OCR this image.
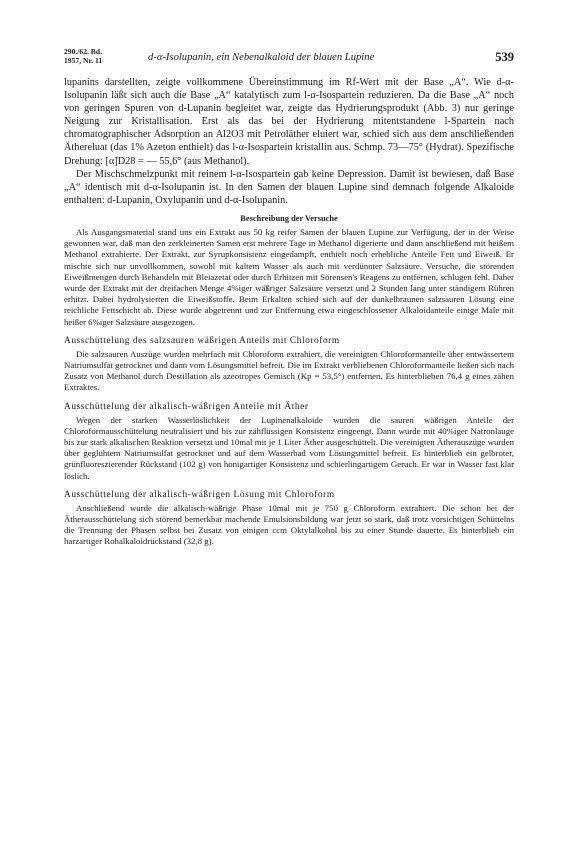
290./62. Bd.
1957, Nr. 11	d-α-Isolupanin, ein Nebenalkaloid der blauen Lupine	539

lupanins darstellten, zeigte vollkommene Übereinstimmung im Rf-Wert mit der Base „A“. Wie d-α-Isolupanin läßt sich auch die Base „A“ katalytisch zum l-α-Isospartein reduzieren. Da die Base „A“ noch von geringen Spuren von d-Lupanin begleitet war, zeigte das Hydrierungsprodukt (Abb. 3) nur geringe Neigung zur Kristallisation. Erst als das bei der Hydrierung mitentstandene l-Spartein nach chromatographischer Adsorption an Al2O3 mit Petroläther eluiert war, schied sich aus dem anschließenden Äthereluat (das 1% Azeton enthielt) das l-α-Isospartein kristallin aus. Schmp. 73—75° (Hydrat). Spezifische Drehung: [α]D28 = — 55,6° (aus Methanol).

Der Mischschmelzpunkt mit reinem l-α-Isospartein gab keine Depression. Damit ist bewiesen, daß Base „A“ identisch mit d-α-Isolupanin ist. In den Samen der blauen Lupine sind demnach folgende Alkaloide enthalten: d-Lupanin, Oxylupanin und d-α-Isolupanin.

Beschreibung der Versuche

Als Ausgangsmaterial stand uns ein Extrakt aus 50 kg reifer Samen der blauen Lupine zur Verfügung, der in der Weise gewonnen war, daß man den zerkleinerten Samen erst mehrere Tage in Methanol digerierte und dann anschließend mit heißem Methanol extrahierte. Der Extrakt, zur Syrupkonsistenz eingedampft, enthielt noch erhebliche Anteile Fett und Eiweiß. Er mischte sich nur unvollkommen, sowohl mit kaltem Wasser als auch mit verdünnter Salzsäure. Versuche, die störenden Eiweißmengen durch Behandeln mit Bleiazetat oder durch Erhitzen mit Sörensen's Reagens zu entfernen, schlugen fehl. Daher wurde der Extrakt mit der dreifachen Menge 4%iger wäßriger Salzsäure versetzt und 2 Stunden lang unter ständigem Rühren erhitzt. Dabei hydrolysierten die Eiweißstoffe. Beim Erkalten schied sich auf der dunkelbraunen salzsauren Lösung eine reichliche Fettschicht ab. Diese wurde abgetrennt und zur Entfernung etwa eingeschlossener Alkaloidanteile einige Male mit heißer 6%iger Salzsäure ausgezogen.

Ausschüttelung des salzsauren wäßrigen Anteils mit Chloroform

Die salzsauren Auszüge wurden mehrfach mit Chloroform extrahiert, die vereinigten Chloroformanteile über entwässertem Natriumsulfat getrocknet und dann vom Lösungsmittel befreit. Die im Extrakt verbliebenen Chloroformanteile ließen sich nach Zusatz von Methanol durch Destillation als azeotropes Gemisch (Kp = 53,5°) entfernen. Es hinterblieben 76,4 g eines zähen Extraktes.

Ausschüttelung der alkalisch-wäßrigen Anteile mit Äther

Wegen der starken Wasserlöslichkeit der Lupinenalkaloide wurden die sauren wäßrigen Anteile der Chloroformausschüttelung neutralisiert und bis zur zähflüssigen Konsistenz eingeengt. Dann wurde mit 40%iger Natronlauge bis zur stark alkalischen Reaktion versetzt und 10mal mit je 1 Liter Äther ausgeschüttelt. Die vereinigten Ätherauszüge wurden über geglühtem Natriumsulfat getrocknet und auf dem Wasserbad vom Lösungsmittel befreit. Es hinterblieb ein gelbroter, grünfluoreszierender Rückstand (102 g) von honigartiger Konsistenz und schierlingartigem Geruch. Er war in Wasser fast klar löslich.

Ausschüttelung der alkalisch-wäßrigen Lösung mit Chloroform

Anschließend wurde die alkalisch-wäßrige Phase 10mal mit je 750 g Chloroform extrahiert. Die schon bei der Ätherausschüttelung sich störend bemerkbar machende Emulsionsbildung war jetzt so stark, daß trotz vorsichtigen Schüttelns die Trennung der Phasen selbst bei Zusatz von einigen ccm Oktylalkohol bis zu einer Stunde dauerte. Es hinterblieb ein harzartiger Rohalkaloidrückstand (32,8 g).
